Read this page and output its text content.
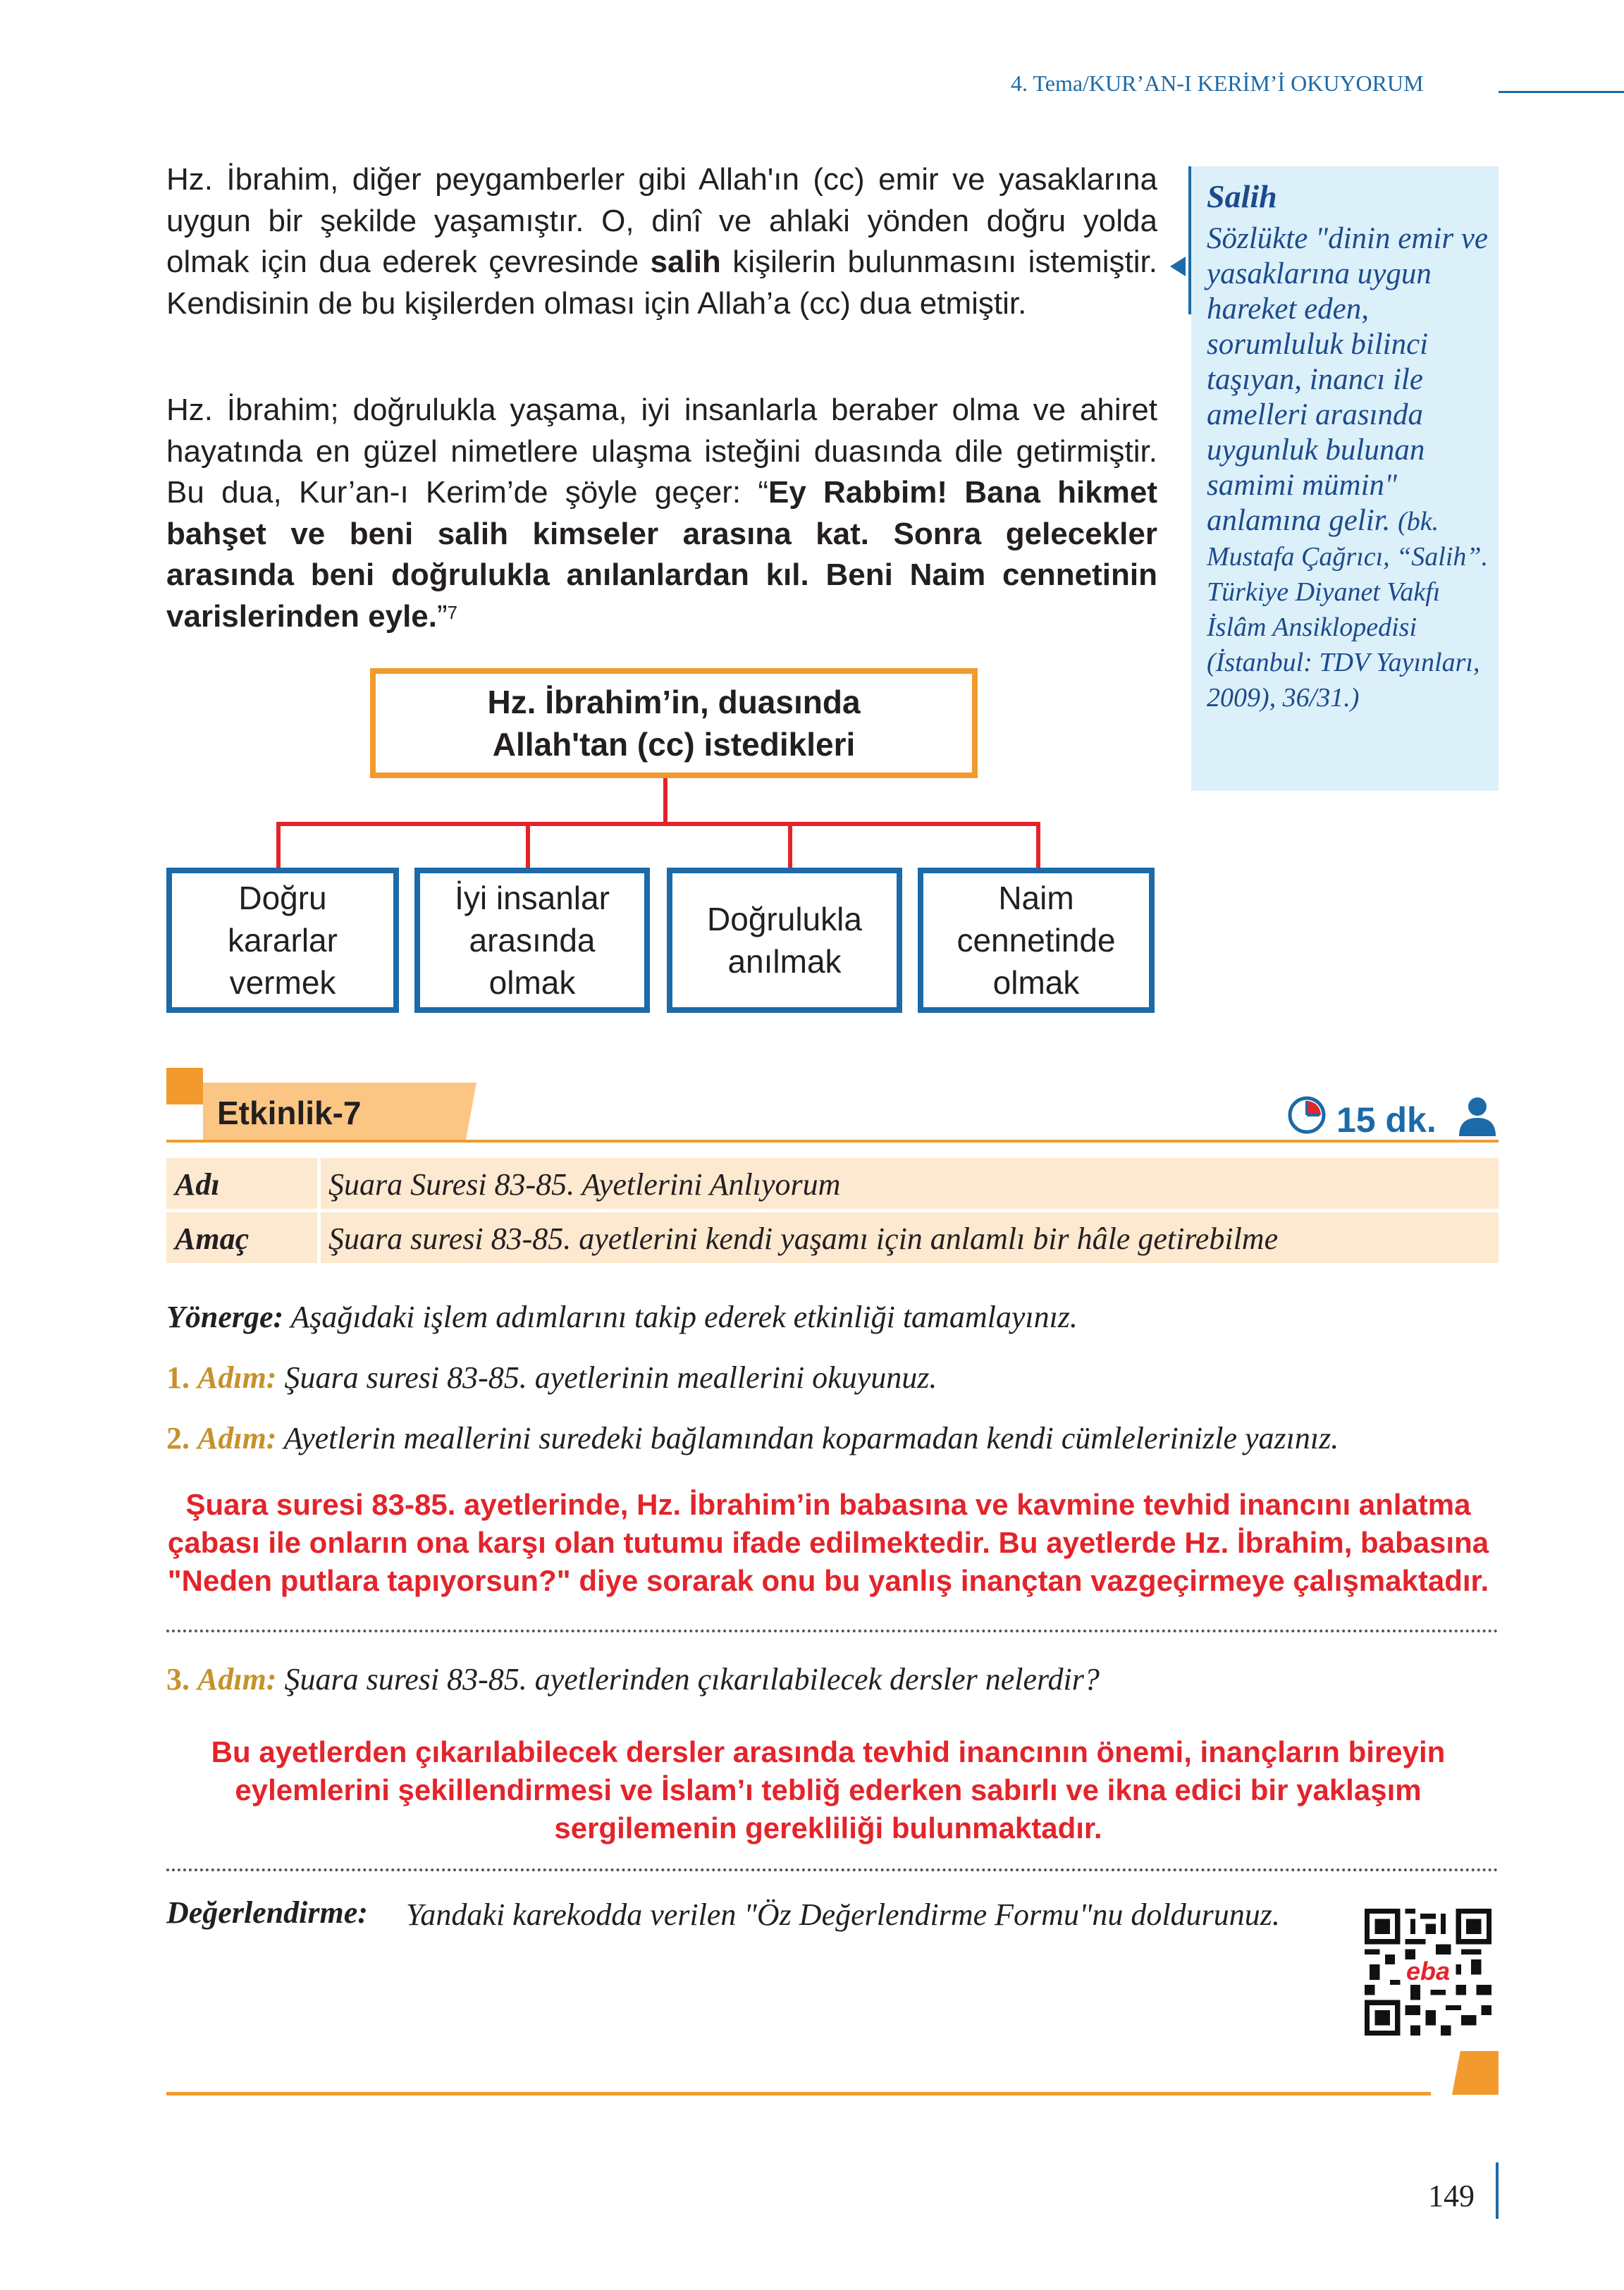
4. Tema/KUR’AN-I KERİM’İ OKUYORUM
Hz. İbrahim, diğer peygamberler gibi Allah'ın (cc) emir ve yasaklarına uygun bir şekilde yaşamıştır. O, dinî ve ahlaki yönden doğru yolda olmak için dua ederek çevresinde salih kişilerin bulunmasını istemiştir. Kendisinin de bu kişilerden olması için Allah’a (cc) dua etmiştir.
Hz. İbrahim; doğrulukla yaşama, iyi insanlarla beraber olma ve ahiret hayatında en güzel nimetlere ulaşma isteğini duasında dile getirmiştir. Bu dua, Kur’an-ı Kerim’de şöyle geçer: “Ey Rabbim! Bana hikmet bahşet ve beni salih kimseler arasına kat. Sonra gelecekler arasında beni doğrulukla anılanlardan kıl. Beni Naim cennetinin varislerinden eyle.”$^7$
Salih
Sözlükte "dinin emir ve yasaklarına uygun hareket eden, sorumluluk bilinci taşıyan, inancı ile amelleri arasında uygunluk bulunan samimi mümin" anlamına gelir. (bk. Mustafa Çağrıcı, “Salih”. Türkiye Diyanet Vakfı İslâm Ansiklopedisi (İstanbul: TDV Yayınları, 2009), 36/31.)
Hz. İbrahim’in, duasında
Allah'tan (cc) istedikleri
Doğru
kararlar
vermek
İyi insanlar
arasında
olmak
Doğrulukla
anılmak
Naim
cennetinde
olmak
Etkinlik-7	15 dk.
Adı	Şuara Suresi 83-85. Ayetlerini Anlıyorum
Amaç	Şuara suresi 83-85. ayetlerini kendi yaşamı için anlamlı bir hâle getirebilme
Yönerge: Aşağıdaki işlem adımlarını takip ederek etkinliği tamamlayınız.
1. Adım: Şuara suresi 83-85. ayetlerinin meallerini okuyunuz.
2. Adım: Ayetlerin meallerini suredeki bağlamından koparmadan kendi cümlelerinizle yazınız.
Şuara suresi 83-85. ayetlerinde, Hz. İbrahim’in babasına ve kavmine tevhid inancını anlatma
çabası ile onların ona karşı olan tutumu ifade edilmektedir. Bu ayetlerde Hz. İbrahim, babasına
"Neden putlara tapıyorsun?" diye sorarak onu bu yanlış inançtan vazgeçirmeye çalışmaktadır.
3. Adım: Şuara suresi 83-85. ayetlerinden çıkarılabilecek dersler nelerdir?
Bu ayetlerden çıkarılabilecek dersler arasında tevhid inancının önemi, inançların bireyin
eylemlerini şekillendirmesi ve İslam’ı tebliğ ederken sabırlı ve ikna edici bir yaklaşım
sergilemenin gerekliliği bulunmaktadır.
Değerlendirme: Yandaki karekodda verilen "Öz Değerlendirme Formu"nu doldurunuz.
eba
149
